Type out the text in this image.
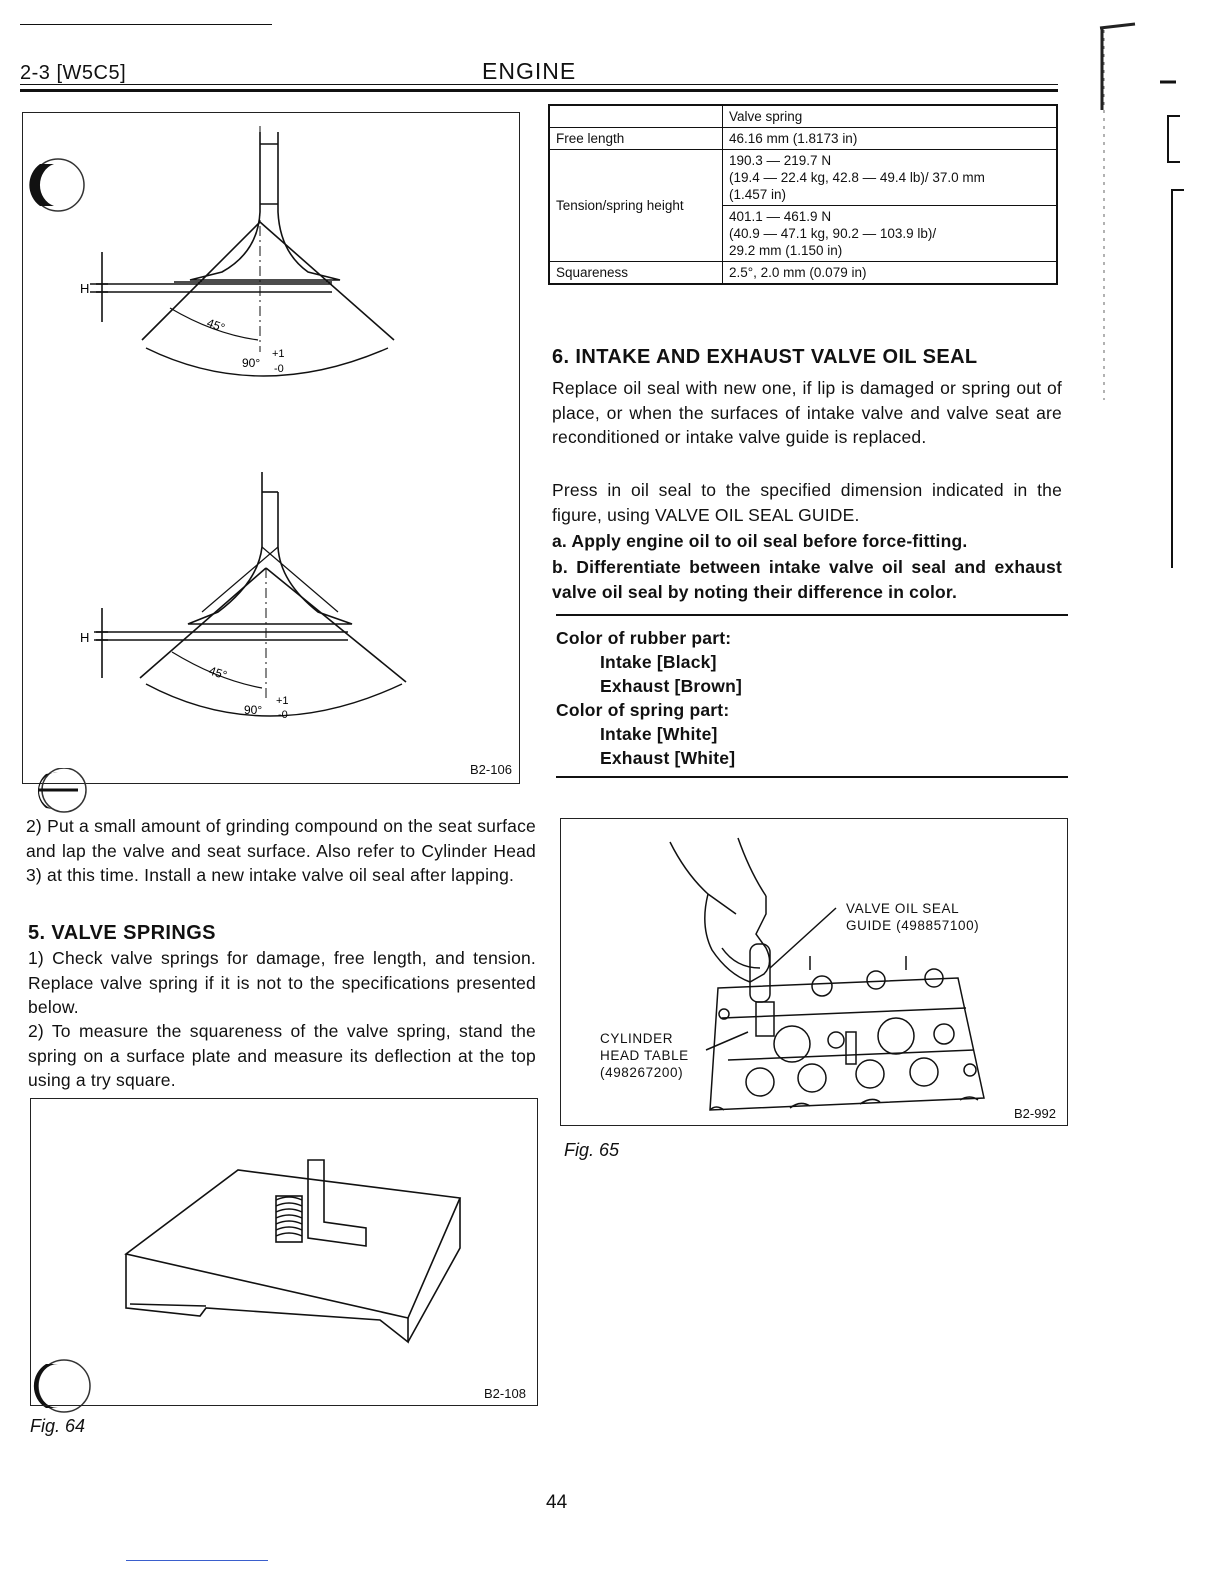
2-3 [W5C5]	ENGINE
H
45°
90°
+1
-0
H
45°
90°
+1
-0
B2-106
2) Put a small amount of grinding compound on the seat surface and lap the valve and seat surface. Also refer to Cylinder Head 3) at this time. Install a new intake valve oil seal after lapping.
5. VALVE SPRINGS
1) Check valve springs for damage, free length, and tension. Replace valve spring if it is not to the specifications presented below.
2) To measure the squareness of the valve spring, stand the spring on a surface plate and measure its deflection at the top using a try square.
B2-108
Fig. 64
	Valve spring
Free length	46.16 mm (1.8173 in)
Tension/spring height	190.3 — 219.7 N
(19.4 — 22.4 kg, 42.8 — 49.4 lb)/ 37.0 mm
(1.457 in)

	401.1 — 461.9 N
(40.9 — 47.1 kg, 90.2 — 103.9 lb)/
29.2 mm (1.150 in)

Squareness	2.5°, 2.0 mm (0.079 in)
6. INTAKE AND EXHAUST VALVE OIL SEAL
Replace oil seal with new one, if lip is damaged or spring out of place, or when the surfaces of intake valve and valve seat are reconditioned or intake valve guide is replaced.
Press in oil seal to the specified dimension indicated in the figure, using VALVE OIL SEAL GUIDE.
a. Apply engine oil to oil seal before force-fitting.
b. Differentiate between intake valve oil seal and exhaust valve oil seal by noting their difference in color.
Color of rubber part:
Intake [Black]
Exhaust [Brown]
Color of spring part:
Intake [White]
Exhaust [White]
VALVE OIL SEAL
GUIDE (498857100)
CYLINDER
HEAD TABLE
(498267200)
B2-992
Fig. 65
44
